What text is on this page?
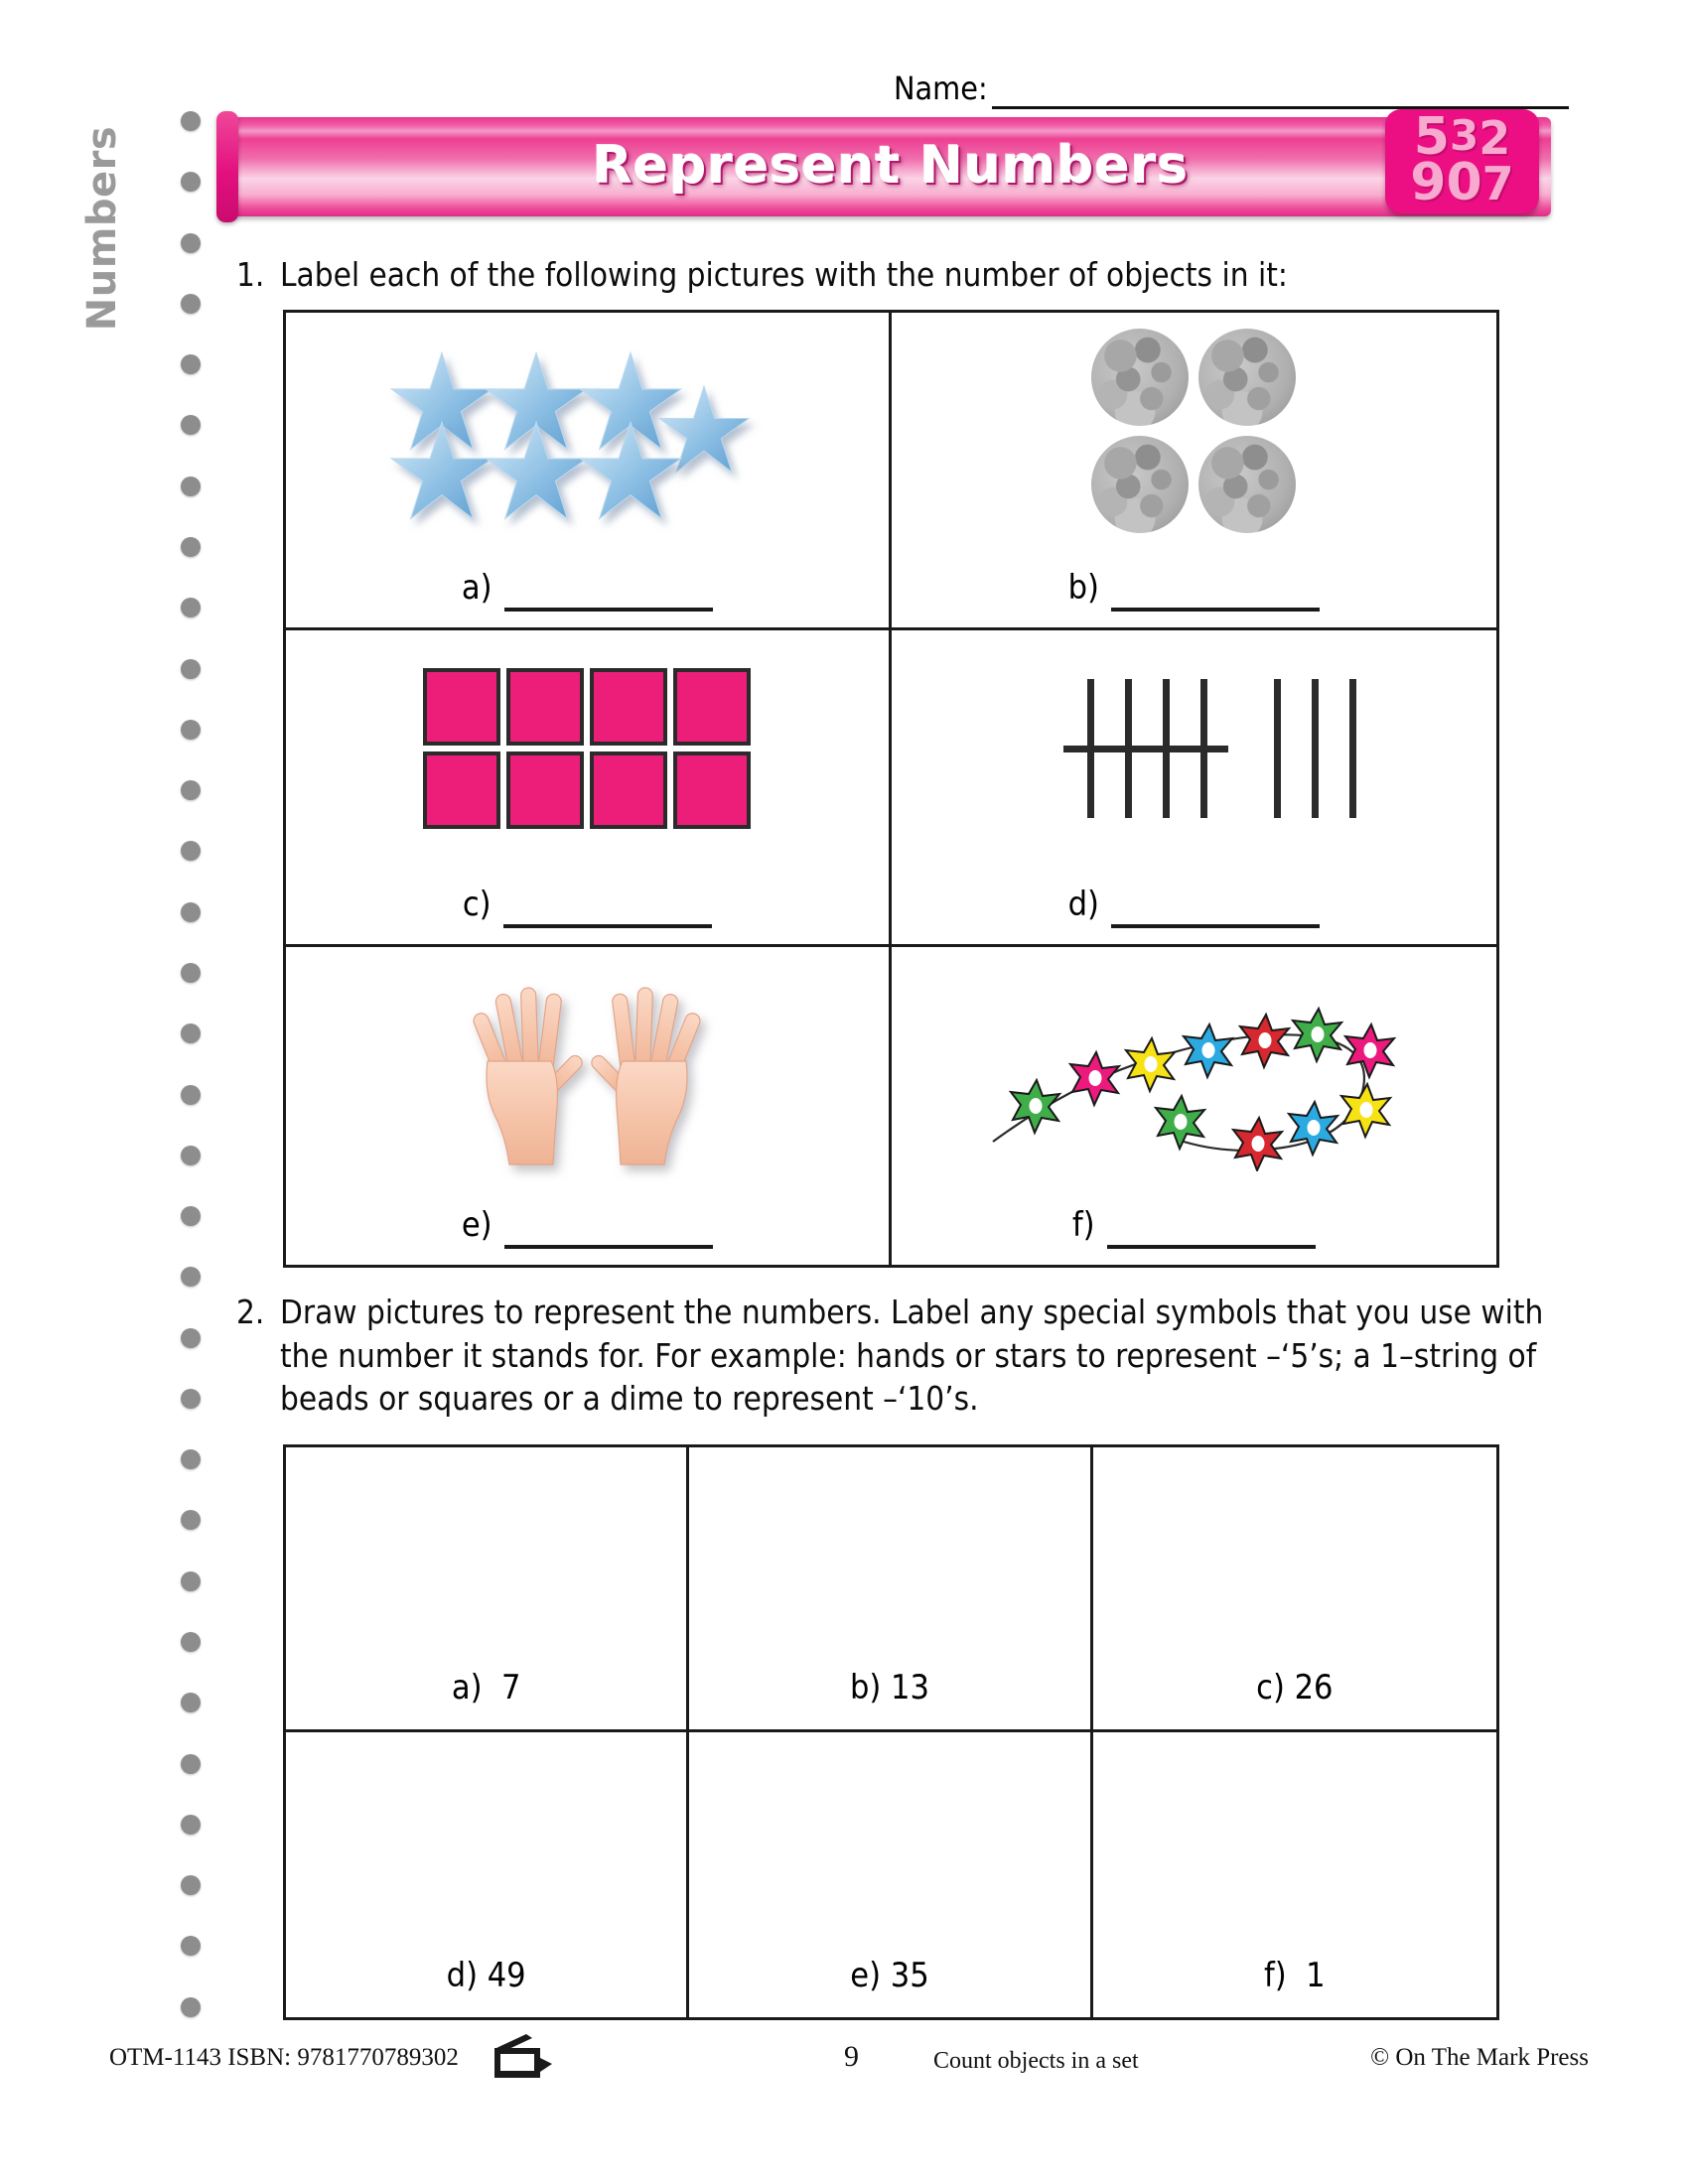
Numbers
Name:
Represent Numbers	5 3 2
9 0 7
1. Label each of the following pictures with the number of objects in it:
a)	b)
c)	d)
e)	f)
2. Draw pictures to represent the numbers. Label any special symbols that you use with the number it stands for. For example: hands or stars to represent –‘5’s; a 1–string of beads or squares or a dime to represent –‘10’s.
a)  7	b) 13	c) 26
d) 49	e) 35	f)  1
OTM-1143 ISBN: 9781770789302	9	Count objects in a set	© On The Mark Press
